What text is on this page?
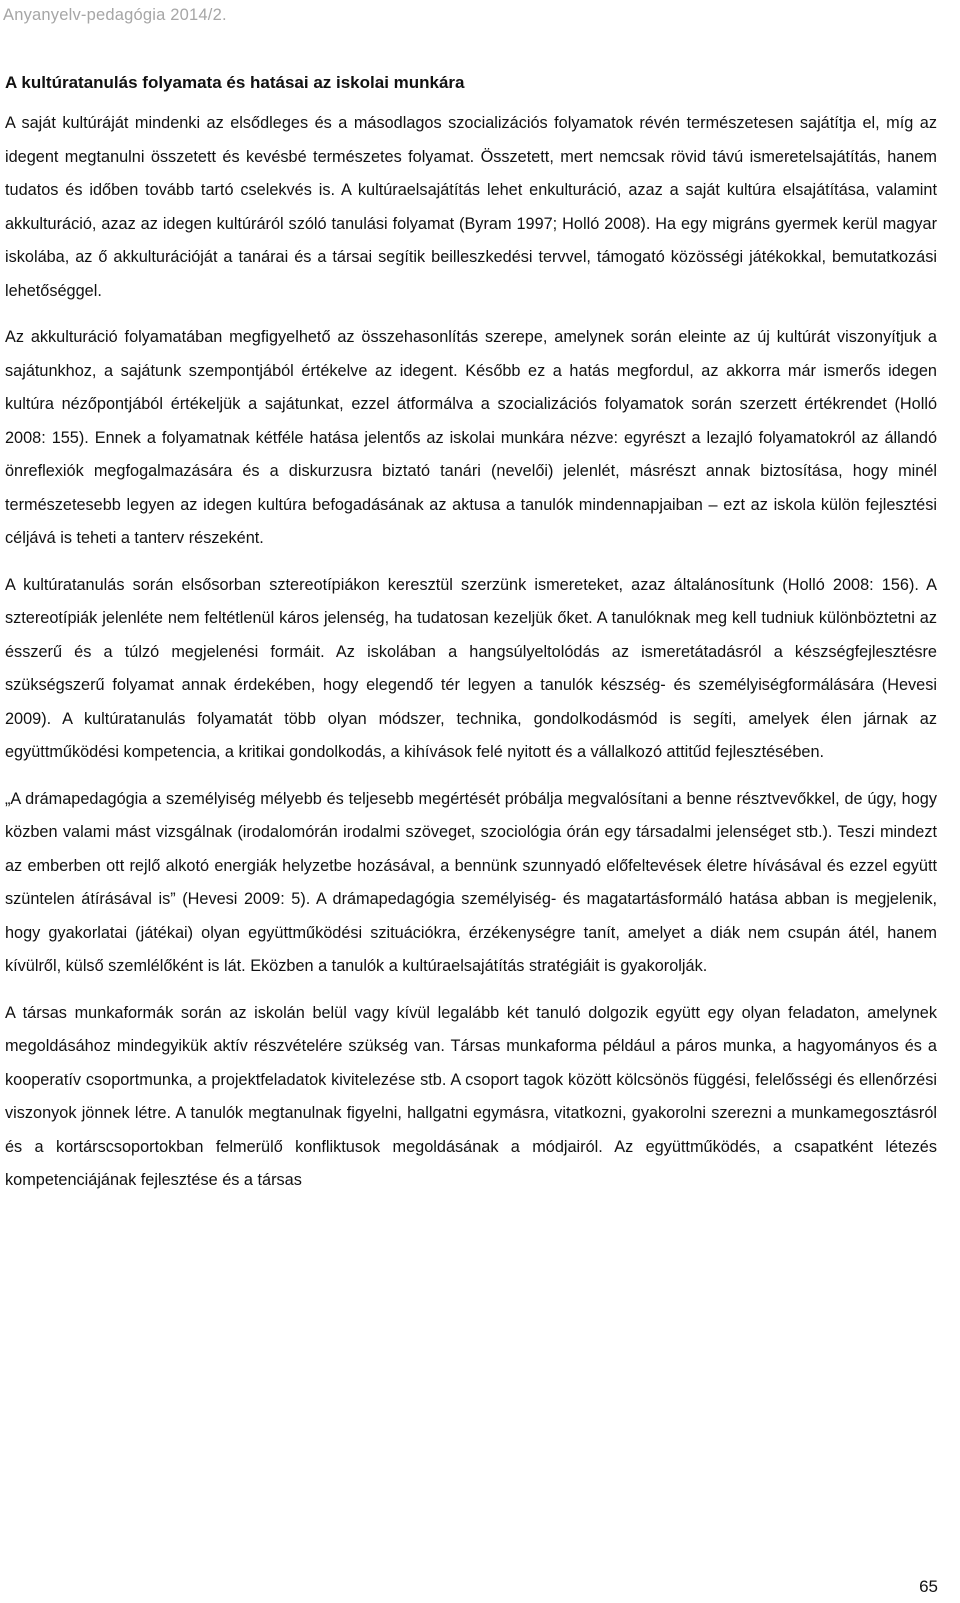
Anyanyelv-pedagógia 2014/2.
A kultúratanulás folyamata és hatásai az iskolai munkára

A saját kultúráját mindenki az elsődleges és a másodlagos szocializációs folyamatok révén természetesen sajátítja el, míg az idegent megtanulni összetett és kevésbé természetes folyamat. Összetett, mert nemcsak rövid távú ismeretelsajátítás, hanem tudatos és időben tovább tartó cselekvés is. A kultúraelsajátítás lehet enkulturáció, azaz a saját kultúra elsajátítása, valamint akkulturáció, azaz az idegen kultúráról szóló tanulási folyamat (Byram 1997; Holló 2008). Ha egy migráns gyermek kerül magyar iskolába, az ő akkulturációját a tanárai és a társai segítik beilleszkedési tervvel, támogató közösségi játékokkal, bemutatkozási lehetőséggel.

Az akkulturáció folyamatában megfigyelhető az összehasonlítás szerepe, amelynek során eleinte az új kultúrát viszonyítjuk a sajátunkhoz, a sajátunk szempontjából értékelve az idegent. Később ez a hatás megfordul, az akkorra már ismerős idegen kultúra nézőpontjából értékeljük a sajátunkat, ezzel átformálva a szocializációs folyamatok során szerzett értékrendet (Holló 2008: 155). Ennek a folyamatnak kétféle hatása jelentős az iskolai munkára nézve: egyrészt a lezajló folyamatokról az állandó önreflexiók megfogalmazására és a diskurzusra biztató tanári (nevelői) jelenlét, másrészt annak biztosítása, hogy minél természetesebb legyen az idegen kultúra befogadásának az aktusa a tanulók mindennapjaiban – ezt az iskola külön fejlesztési céljává is teheti a tanterv részeként.

A kultúratanulás során elsősorban sztereotípiákon keresztül szerzünk ismereteket, azaz általánosítunk (Holló 2008: 156). A sztereotípiák jelenléte nem feltétlenül káros jelenség, ha tudatosan kezeljük őket. A tanulóknak meg kell tudniuk különböztetni az ésszerű és a túlzó megjelenési formáit. Az iskolában a hangsúlyeltolódás az ismeretátadásról a készségfejlesztésre szükségszerű folyamat annak érdekében, hogy elegendő tér legyen a tanulók készség- és személyiségformálására (Hevesi 2009). A kultúratanulás folyamatát több olyan módszer, technika, gondolkodásmód is segíti, amelyek élen járnak az együttműködési kompetencia, a kritikai gondolkodás, a kihívások felé nyitott és a vállalkozó attitűd fejlesztésében.

„A drámapedagógia a személyiség mélyebb és teljesebb megértését próbálja megvalósítani a benne résztvevőkkel, de úgy, hogy közben valami mást vizsgálnak (irodalomórán irodalmi szöveget, szociológia órán egy társadalmi jelenséget stb.). Teszi mindezt az emberben ott rejlő alkotó energiák helyzetbe hozásával, a bennünk szunnyadó előfeltevések életre hívásával és ezzel együtt szüntelen átírásával is” (Hevesi 2009: 5). A drámapedagógia személyiség- és magatartásformáló hatása abban is megjelenik, hogy gyakorlatai (játékai) olyan együttműködési szituációkra, érzékenységre tanít, amelyet a diák nem csupán átél, hanem kívülről, külső szemlélőként is lát. Eközben a tanulók a kultúraelsajátítás stratégiáit is gyakorolják.

A társas munkaformák során az iskolán belül vagy kívül legalább két tanuló dolgozik együtt egy olyan feladaton, amelynek megoldásához mindegyikük aktív részvételére szükség van. Társas munkaforma például a páros munka, a hagyományos és a kooperatív csoportmunka, a projektfeladatok kivitelezése stb. A csoport tagok között kölcsönös függési, felelősségi és ellenőrzési viszonyok jönnek létre. A tanulók megtanulnak figyelni, hallgatni egymásra, vitatkozni, gyakorolni szerezni a munkamegosztásról és a kortárscsoportokban felmerülő konfliktusok megoldásának a módjairól. Az együttműködés, a csapatként létezés kompetenciájának fejlesztése és a társas

65
